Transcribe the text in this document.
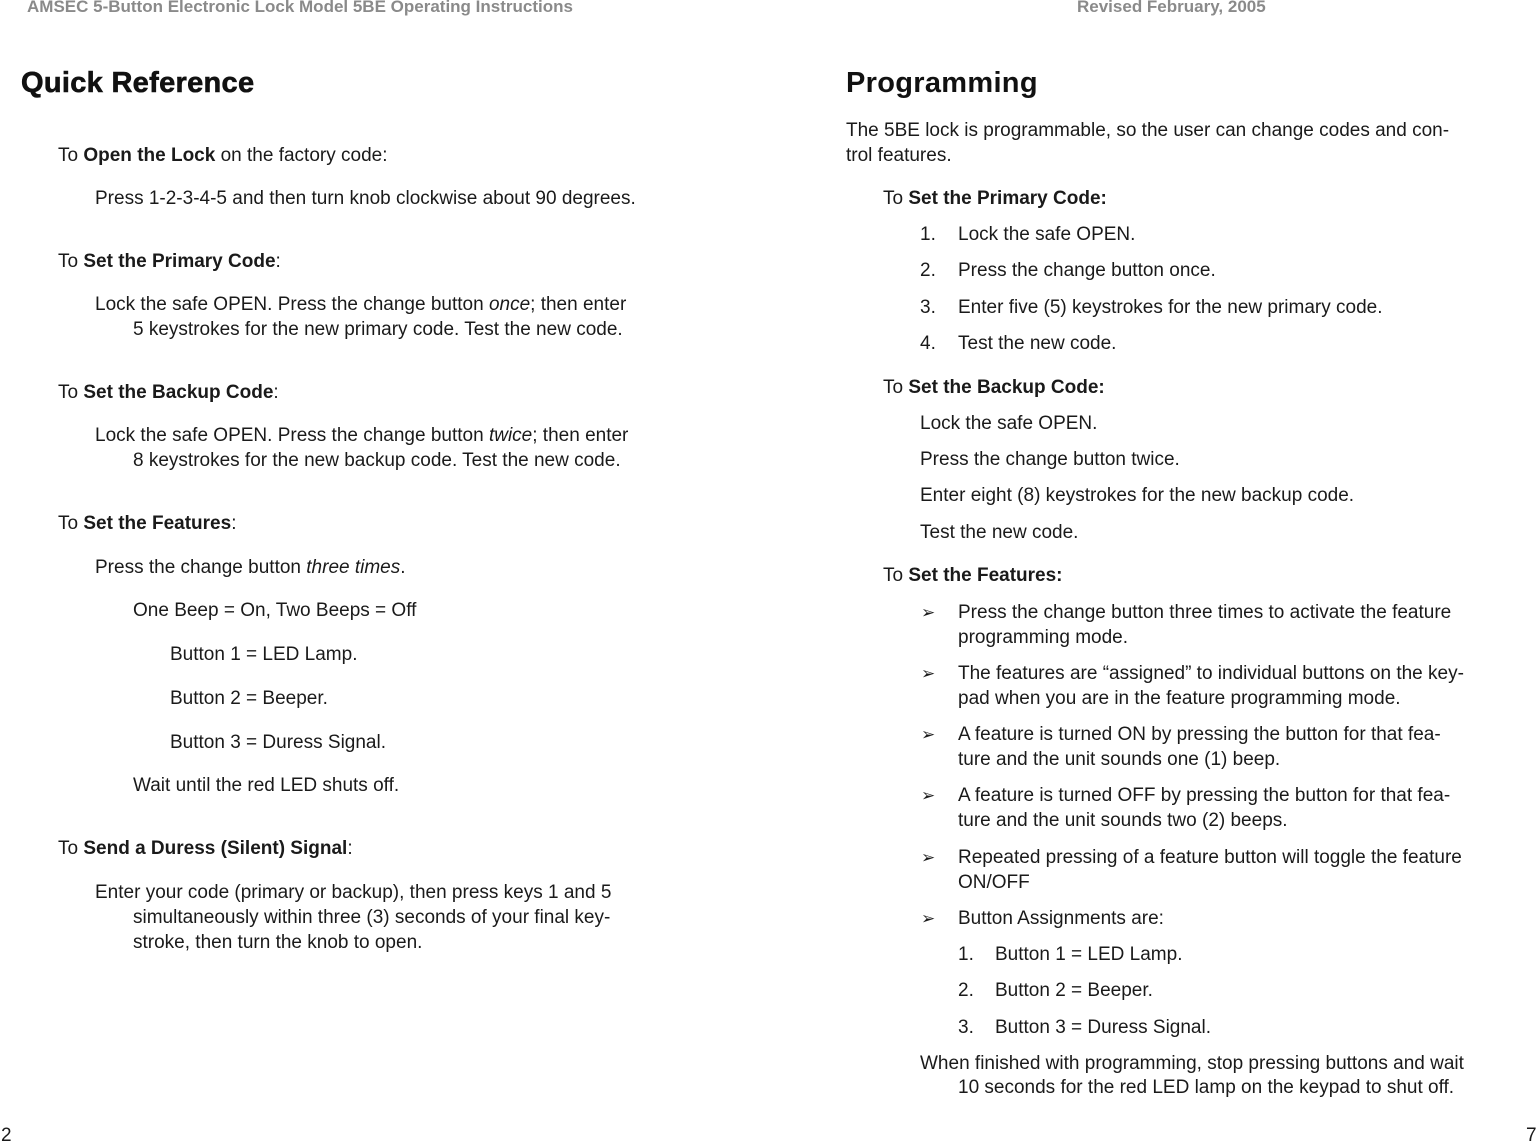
AMSEC 5-Button Electronic Lock Model 5BE Operating Instructions	Revised February, 2005
Quick Reference
To Open the Lock on the factory code:
Press 1-2-3-4-5 and then turn knob clockwise about 90 degrees.
To Set the Primary Code:
Lock the safe OPEN. Press the change button once; then enter
5 keystrokes for the new primary code. Test the new code.
To Set the Backup Code:
Lock the safe OPEN. Press the change button twice; then enter
8 keystrokes for the new backup code. Test the new code.
To Set the Features:
Press the change button three times.
One Beep = On, Two Beeps = Off
Button 1 = LED Lamp.
Button 2 = Beeper.
Button 3 = Duress Signal.
Wait until the red LED shuts off.
To Send a Duress (Silent) Signal:
Enter your code (primary or backup), then press keys 1 and 5
simultaneously within three (3) seconds of your final key-
stroke, then turn the knob to open.
2
Programming
The 5BE lock is programmable, so the user can change codes and con-
trol features.
To Set the Primary Code:
1. Lock the safe OPEN.
2. Press the change button once.
3. Enter five (5) keystrokes for the new primary code.
4. Test the new code.
To Set the Backup Code:
Lock the safe OPEN.
Press the change button twice.
Enter eight (8) keystrokes for the new backup code.
Test the new code.
To Set the Features:
➢ Press the change button three times to activate the feature
programming mode.
➢ The features are “assigned” to individual buttons on the key-
pad when you are in the feature programming mode.
➢ A feature is turned ON by pressing the button for that fea-
ture and the unit sounds one (1) beep.
➢ A feature is turned OFF by pressing the button for that fea-
ture and the unit sounds two (2) beeps.
➢ Repeated pressing of a feature button will toggle the feature
ON/OFF
➢ Button Assignments are:
1. Button 1 = LED Lamp.
2. Button 2 = Beeper.
3. Button 3 = Duress Signal.
When finished with programming, stop pressing buttons and wait
10 seconds for the red LED lamp on the keypad to shut off.
7
